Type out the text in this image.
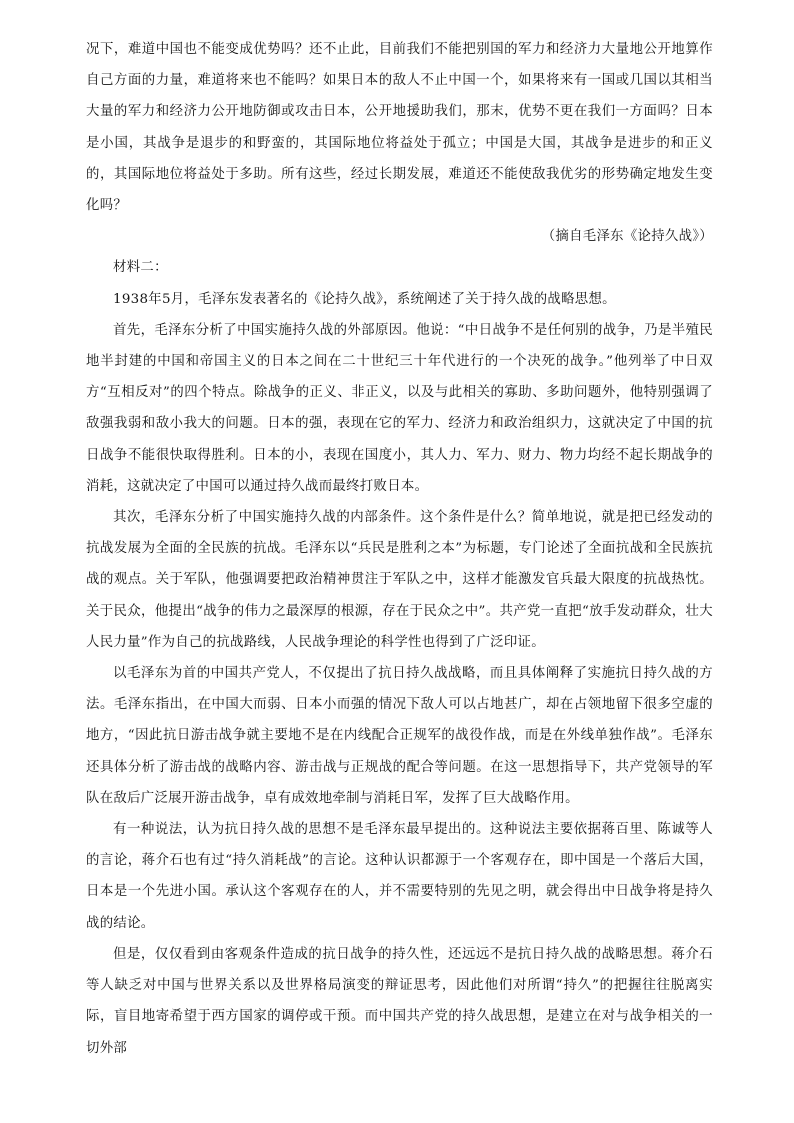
况下，难道中国也不能变成优势吗？还不止此，目前我们不能把别国的军力和经济力大量地公开地算作自己方面的力量，难道将来也不能吗？如果日本的敌人不止中国一个，如果将来有一国或几国以其相当大量的军力和经济力公开地防御或攻击日本，公开地援助我们，那末，优势不更在我们一方面吗？日本是小国，其战争是退步的和野蛮的，其国际地位将益处于孤立；中国是大国，其战争是进步的和正义的，其国际地位将益处于多助。所有这些，经过长期发展，难道还不能使敌我优劣的形势确定地发生变化吗？

（摘自毛泽东《论持久战》）

材料二：

1938年5月，毛泽东发表著名的《论持久战》，系统阐述了关于持久战的战略思想。

首先，毛泽东分析了中国实施持久战的外部原因。他说：“中日战争不是任何别的战争，乃是半殖民地半封建的中国和帝国主义的日本之间在二十世纪三十年代进行的一个决死的战争。”他列举了中日双方“互相反对”的四个特点。除战争的正义、非正义，以及与此相关的寡助、多助问题外，他特别强调了敌强我弱和敌小我大的问题。日本的强，表现在它的军力、经济力和政治组织力，这就决定了中国的抗日战争不能很快取得胜利。日本的小，表现在国度小，其人力、军力、财力、物力均经不起长期战争的消耗，这就决定了中国可以通过持久战而最终打败日本。

其次，毛泽东分析了中国实施持久战的内部条件。这个条件是什么？简单地说，就是把已经发动的抗战发展为全面的全民族的抗战。毛泽东以“兵民是胜利之本”为标题，专门论述了全面抗战和全民族抗战的观点。关于军队，他强调要把政治精神贯注于军队之中，这样才能激发官兵最大限度的抗战热忱。关于民众，他提出“战争的伟力之最深厚的根源，存在于民众之中”。共产党一直把“放手发动群众，壮大人民力量”作为自己的抗战路线，人民战争理论的科学性也得到了广泛印证。

以毛泽东为首的中国共产党人，不仅提出了抗日持久战战略，而且具体阐释了实施抗日持久战的方法。毛泽东指出，在中国大而弱、日本小而强的情况下敌人可以占地甚广，却在占领地留下很多空虚的地方，“因此抗日游击战争就主要地不是在内线配合正规军的战役作战，而是在外线单独作战”。毛泽东还具体分析了游击战的战略内容、游击战与正规战的配合等问题。在这一思想指导下，共产党领导的军队在敌后广泛展开游击战争，卓有成效地牵制与消耗日军，发挥了巨大战略作用。

有一种说法，认为抗日持久战的思想不是毛泽东最早提出的。这种说法主要依据蒋百里、陈诚等人的言论，蒋介石也有过“持久消耗战”的言论。这种认识都源于一个客观存在，即中国是一个落后大国，日本是一个先进小国。承认这个客观存在的人，并不需要特别的先见之明，就会得出中日战争将是持久战的结论。

但是，仅仅看到由客观条件造成的抗日战争的持久性，还远远不是抗日持久战的战略思想。蒋介石等人缺乏对中国与世界关系以及世界格局演变的辩证思考，因此他们对所谓“持久”的把握往往脱离实际，盲目地寄希望于西方国家的调停或干预。而中国共产党的持久战思想，是建立在对与战争相关的一切外部
